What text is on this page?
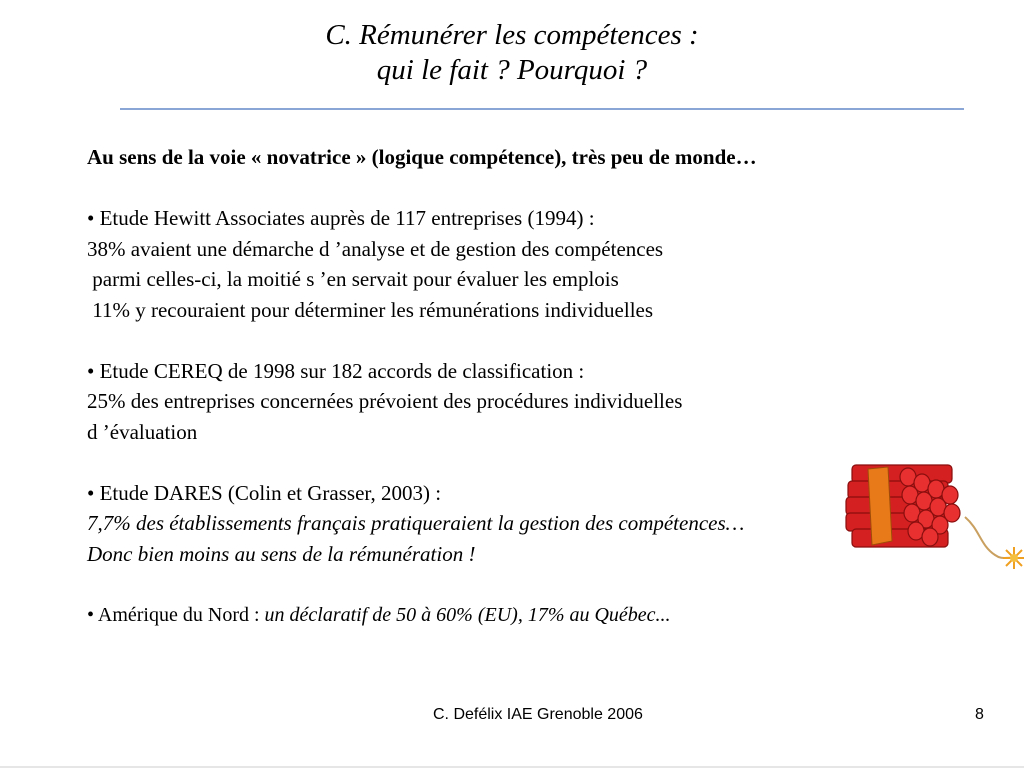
C. Rémunérer les compétences :
qui le fait ? Pourquoi ?

Au sens de la voie « novatrice » (logique compétence), très peu de monde…

• Etude Hewitt Associates auprès de 117 entreprises (1994) :

38% avaient une démarche d ’analyse et de gestion des compétences

parmi celles-ci, la moitié s ’en servait pour évaluer les emplois

11% y recouraient pour déterminer les rémunérations individuelles

• Etude CEREQ de 1998 sur 182 accords de classification :

25% des entreprises concernées prévoient des procédures individuelles

d ’évaluation

• Etude DARES (Colin et Grasser, 2003) :

7,7% des établissements français pratiqueraient la gestion des compétences…

Donc bien moins au sens de la rémunération !

• Amérique du Nord : un déclaratif de 50 à 60% (EU), 17% au Québec...

C. Defélix IAE Grenoble 2006	8
